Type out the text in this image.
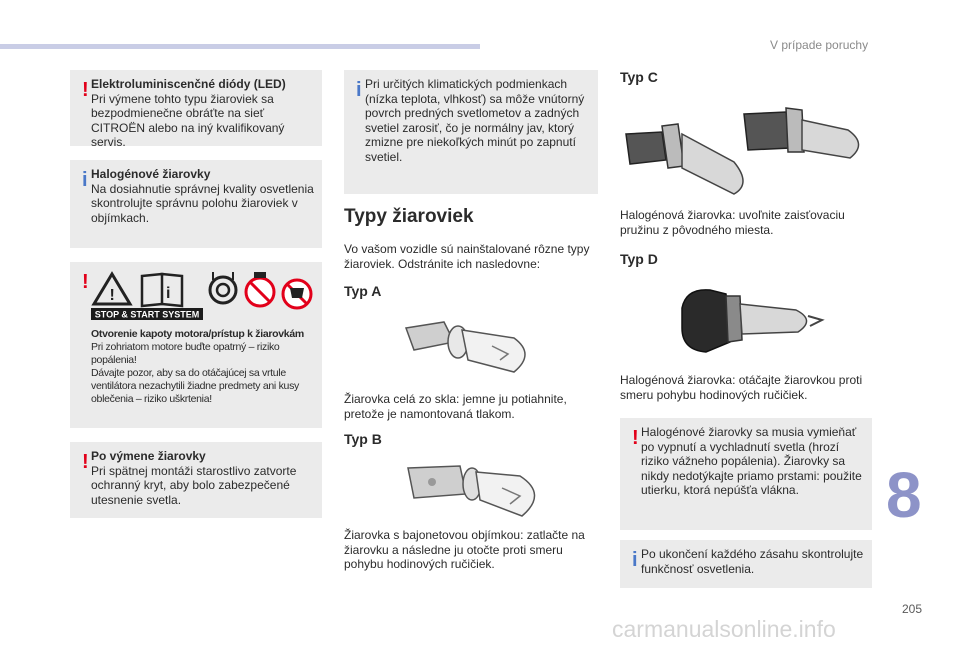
V prípade poruchy
! Elektroluminiscenčné diódy (LED)
Pri výmene tohto typu žiaroviek sa bezpodmienečne obráťte na sieť CITROËN alebo na iný kvalifikovaný servis.
i Halogénové žiarovky
Na dosiahnutie správnej kvality osvetlenia skontrolujte správnu polohu žiaroviek v objímkach.
!
Otvorenie kapoty motora/prístup k žiarovkám
Pri zohriatom motore buďte opatrný – riziko popálenia!
Dávajte pozor, aby sa do otáčajúcej sa vrtule ventilátora nezachytili žiadne predmety ani kusy oblečenia – riziko uškrtenia!
!	i
STOP & START SYSTEM
! Po výmene žiarovky
Pri spätnej montáži starostlivo zatvorte ochranný kryt, aby bolo zabezpečené utesnenie svetla.
i Pri určitých klimatických podmienkach (nízka teplota, vlhkosť) sa môže vnútorný povrch predných svetlometov a zadných svetiel zarosiť, čo je normálny jav, ktorý zmizne pre niekoľkých minút po zapnutí svetiel.
Typy žiaroviek
Vo vašom vozidle sú nainštalované rôzne typy žiaroviek. Odstránite ich nasledovne:
Typ A
Žiarovka celá zo skla: jemne ju potiahnite, pretože je namontovaná tlakom.
Typ B
Žiarovka s bajonetovou objímkou: zatlačte na žiarovku a následne ju otočte proti smeru pohybu hodinových ručičiek.
Typ C
Halogénová žiarovka: uvoľnite zaisťovaciu pružinu z pôvodného miesta.
Typ D
Halogénová žiarovka: otáčajte žiarovkou proti smeru pohybu hodinových ručičiek.
! Halogénové žiarovky sa musia vymieňať po vypnutí a vychladnutí svetla (hrozí riziko vážneho popálenia). Žiarovky sa nikdy nedotýkajte priamo prstami: použite utierku, ktorá nepúšťa vlákna.
i Po ukončení každého zásahu skontrolujte funkčnosť osvetlenia.
8
205
carmanualsonline.info
